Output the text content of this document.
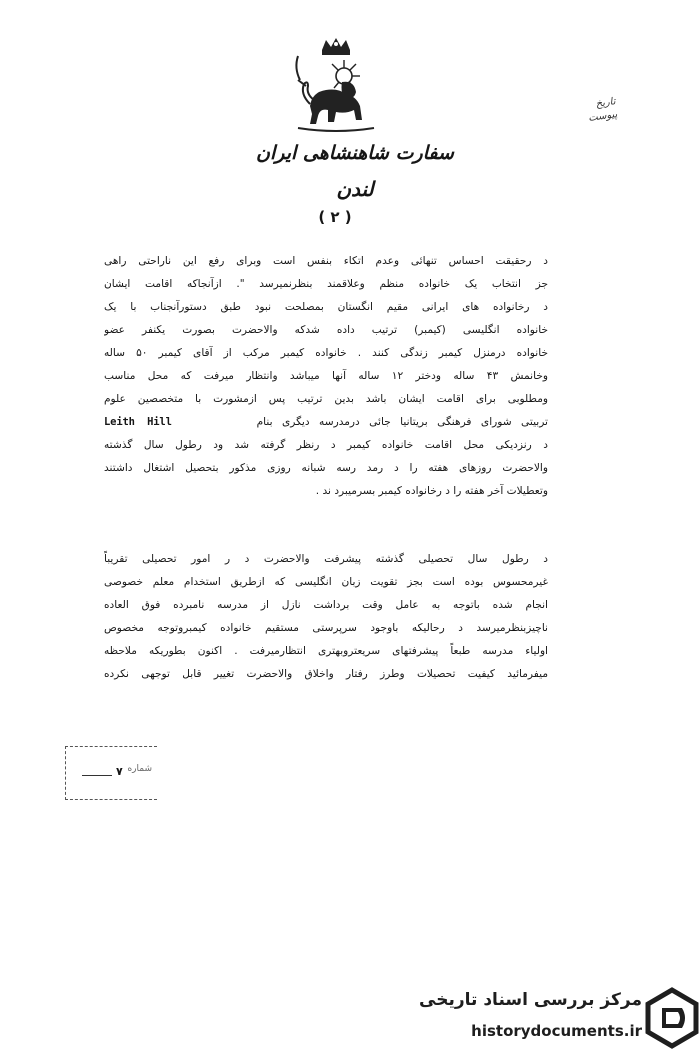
تاریخ
پیوست
سفارت شاهنشاهی ایران
لندن
( ۲ )
د رحقیقت احساس تنهائی وعدم اتکاء بنفس است وبرای رفع این ناراحتی راهی
جز انتخاب یک خانواده منظم وعلاقمند بنظرنمیرسد ". ازآنجاکه اقامت ایشان
د رخانواده های ایرانی مقیم انگستان بمصلحت نبود طبق دستورآنجناب با یک
خانواده انگلیسی (کیمبر) ترتیب داده شدکه والاحضرت بصورت یکنفر عضو
خانواده درمنزل کیمبر زندگی کنند . خانواده کیمبر مرکب از آقای کیمبر ۵۰ ساله
وخانمش ۴۳ ساله ودختر ۱۲ ساله آنها میباشد وانتظار میرفت که محل مناسب
ومطلوبی برای اقامت ایشان باشد بدین ترتیب پس ازمشورت با متخصصین علوم
تربیتی شورای فرهنگی بریتانیا جائی درمدرسه دیگری بنام         Leith Hill
د رنزدیکی محل اقامت خانواده کیمبر د رنظر گرفته شد ود رطول سال گذشته
والاحضرت روزهای هفته را د رمد رسه شبانه روزی مذکور بتحصیل اشتغال داشتند
وتعطیلات آخر هفته را د رخانواده کیمبر بسرمیبرد ند .
د رطول سال تحصیلی گذشته پیشرفت والاحضرت د ر امور تحصیلی تقریباً
غیرمحسوس بوده است بجز تقویت زبان انگلیسی که ازطریق استخدام معلم خصوصی
انجام شده باتوجه به عامل وقت برداشت نازل از مدرسه نامبرده فوق العاده
ناچیزبنظرمیرسد د رحالیکه باوجود سرپرستی مستقیم خانواده کیمبروتوجه مخصوص
اولیاء مدرسه طبعاً پیشرفتهای سریعتروبهتری انتظارمیرفت . اکنون بطوریکه ملاحظه
میفرمائید کیفیت تحصیلات وطرز رفتار واخلاق والاحضرت تغییر قابل توجهی نکرده
شماره
٧
مرکز بررسی اسناد تاریخی
historydocuments.ir
